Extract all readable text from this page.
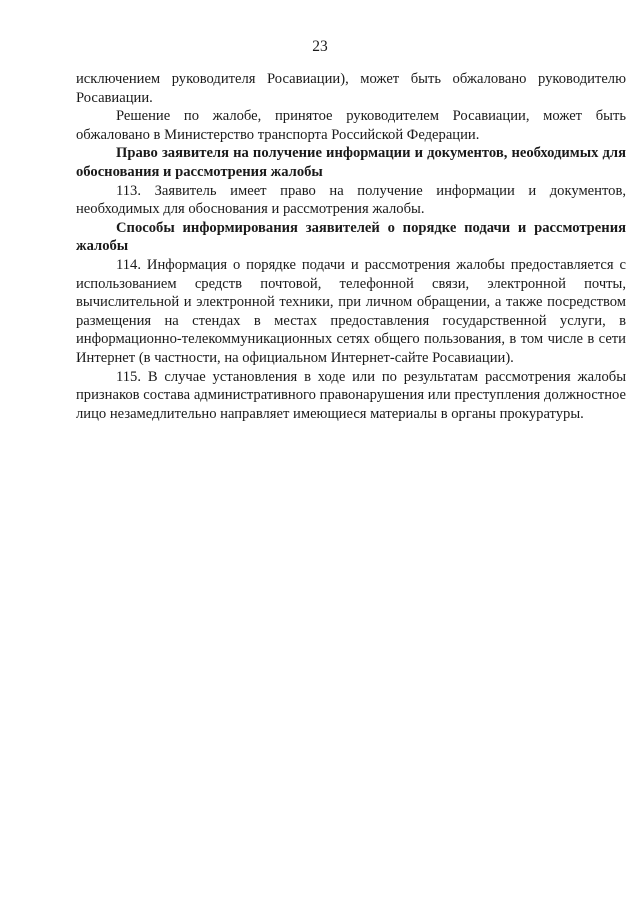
23

исключением руководителя Росавиации), может быть обжаловано руководителю Росавиации.

Решение по жалобе, принятое руководителем Росавиации, может быть обжаловано в Министерство транспорта Российской Федерации.

Право заявителя на получение информации и документов, необходимых для обоснования и рассмотрения жалобы

113. Заявитель имеет право на получение информации и документов, необходимых для обоснования и рассмотрения жалобы.

Способы информирования заявителей о порядке подачи и рассмотрения жалобы

114. Информация о порядке подачи и рассмотрения жалобы предоставляется с использованием средств почтовой, телефонной связи, электронной почты, вычислительной и электронной техники, при личном обращении, а также посредством размещения на стендах в местах предоставления государственной услуги, в информационно-телекоммуникационных сетях общего пользования, в том числе в сети Интернет (в частности, на официальном Интернет-сайте Росавиации).

115. В случае установления в ходе или по результатам рассмотрения жалобы признаков состава административного правонарушения или преступления должностное лицо незамедлительно направляет имеющиеся материалы в органы прокуратуры.
